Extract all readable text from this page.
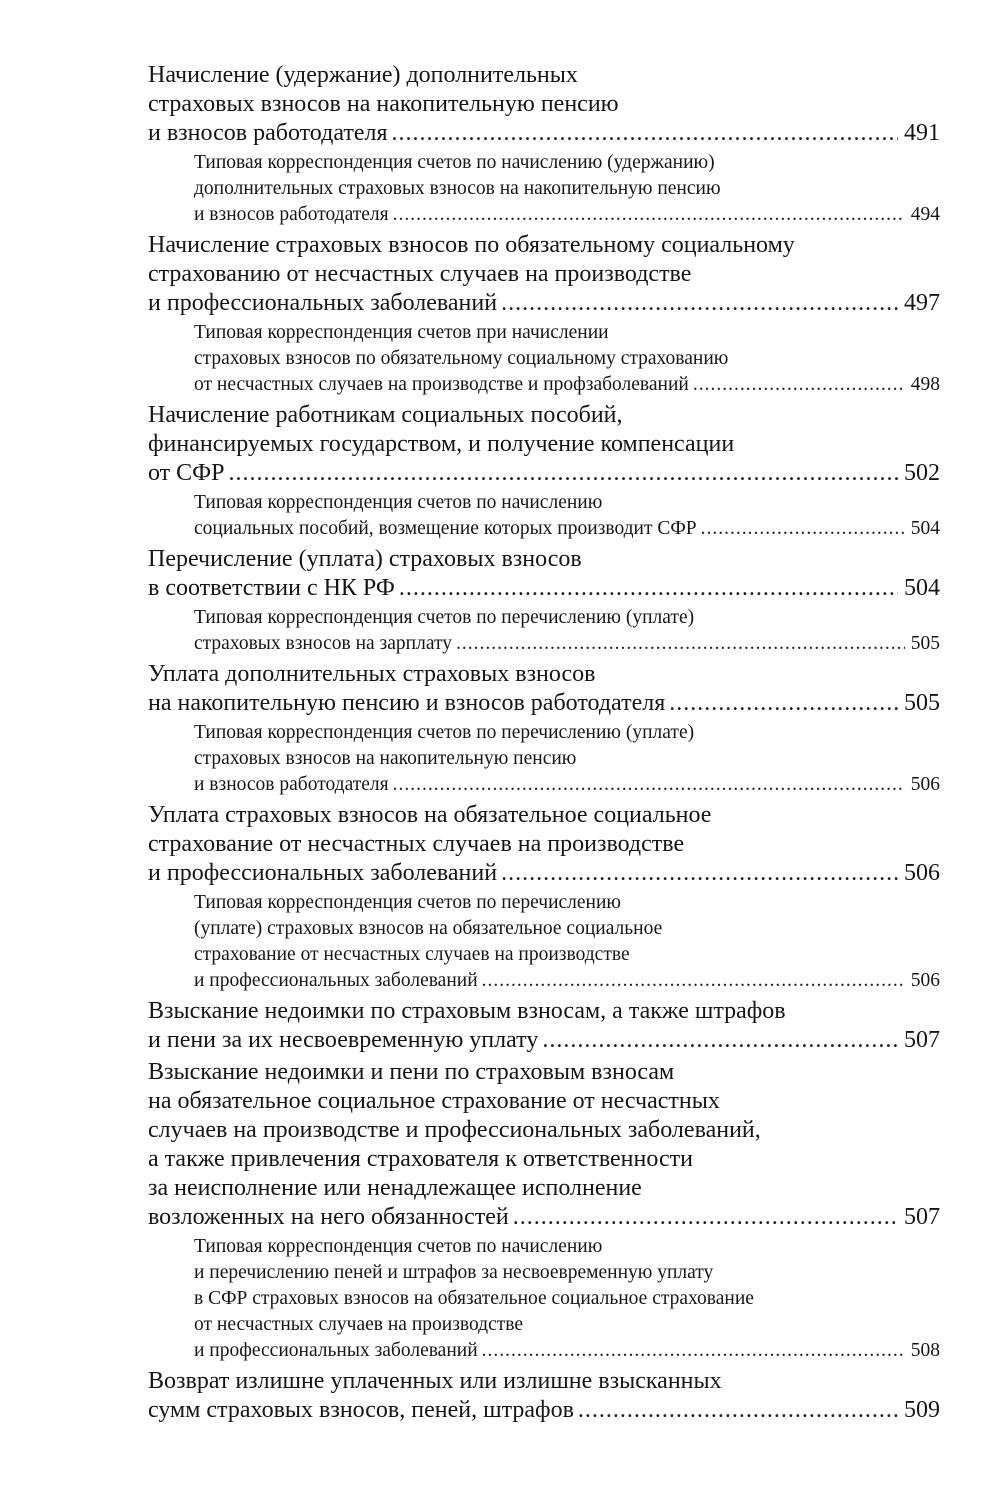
Начисление (удержание) дополнительных
страховых взносов на накопительную пенсию
и взносов работодателя .....	491
Типовая корреспонденция счетов по начислению (удержанию)
дополнительных страховых взносов на накопительную пенсию
и взносов работодателя .....	494
Начисление страховых взносов по обязательному социальному
страхованию от несчастных случаев на производстве
и профессиональных заболеваний .....	497
Типовая корреспонденция счетов при начислении
страховых взносов по обязательному социальному страхованию
от несчастных случаев на производстве и профзаболеваний .....	498
Начисление работникам социальных пособий,
финансируемых государством, и получение компенсации
от СФР .....	502
Типовая корреспонденция счетов по начислению
социальных пособий, возмещение которых производит СФР .....	504
Перечисление (уплата) страховых взносов
в соответствии с НК РФ .....	504
Типовая корреспонденция счетов по перечислению (уплате)
страховых взносов на зарплату .....	505
Уплата дополнительных страховых взносов
на накопительную пенсию и взносов работодателя .....	505
Типовая корреспонденция счетов по перечислению (уплате)
страховых взносов на накопительную пенсию
и взносов работодателя .....	506
Уплата страховых взносов на обязательное социальное
страхование от несчастных случаев на производстве
и профессиональных заболеваний .....	506
Типовая корреспонденция счетов по перечислению
(уплате) страховых взносов на обязательное социальное
страхование от несчастных случаев на производстве
и профессиональных заболеваний .....	506
Взыскание недоимки по страховым взносам, а также штрафов
и пени за их несвоевременную уплату .....	507
Взыскание недоимки и пени по страховым взносам
на обязательное социальное страхование от несчастных
случаев на производстве и профессиональных заболеваний,
а также привлечения страхователя к ответственности
за неисполнение или ненадлежащее исполнение
возложенных на него обязанностей .....	507
Типовая корреспонденция счетов по начислению
и перечислению пеней и штрафов за несвоевременную уплату
в СФР страховых взносов на обязательное социальное страхование
от несчастных случаев на производстве
и профессиональных заболеваний .....	508
Возврат излишне уплаченных или излишне взысканных
сумм страховых взносов, пеней, штрафов .....	509
